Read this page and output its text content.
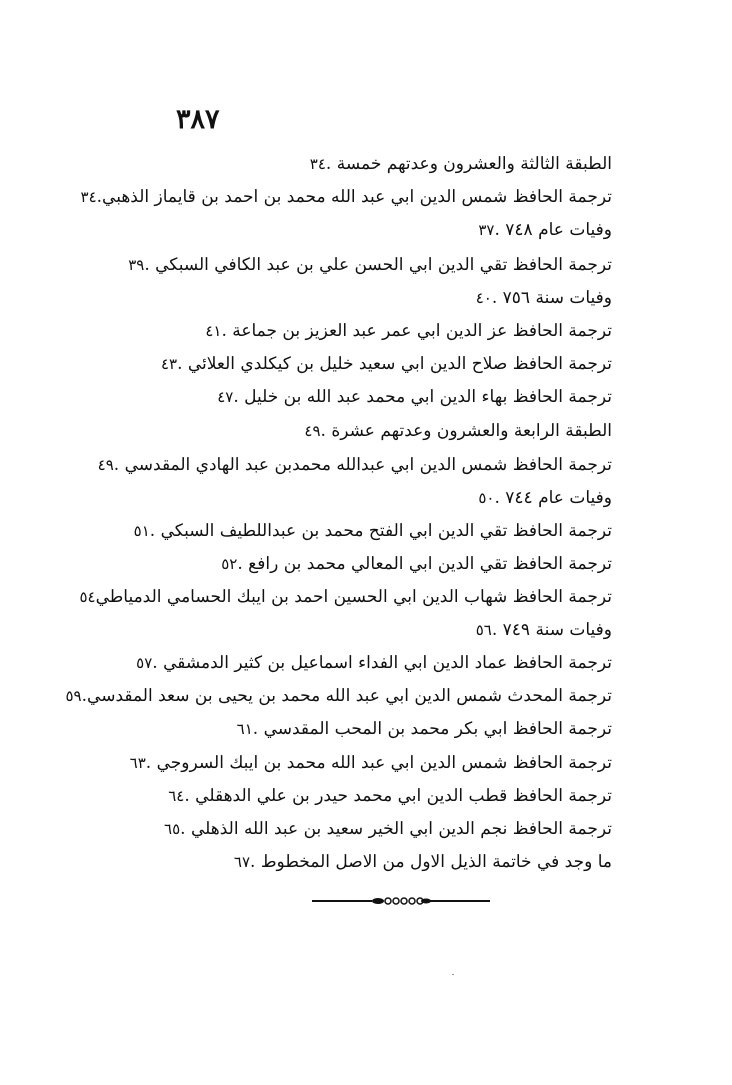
٣٨٧
٣٤ الطبقة الثالثة والعشرون وعدتهم خمسة .
٣٤ ترجمة الحافظ شمس الدين ابي عبد الله محمد بن احمد بن قايماز الذهبي.
٣٧ وفيات عام ٧٤٨ .
٣٩ ترجمة الحافظ تقي الدين ابي الحسن علي بن عبد الكافي السبكي .
٤٠ وفيات سنة ٧٥٦ .
٤١ ترجمة الحافظ عز الدين ابي عمر عبد العزيز بن جماعة .
٤٣ ترجمة الحافظ صلاح الدين ابي سعيد خليل بن كيكلدي العلائي .
٤٧ ترجمة الحافظ بهاء الدين ابي محمد عبد الله بن خليل .
٤٩ الطبقة الرابعة والعشرون وعدتهم عشرة .
٤٩ ترجمة الحافظ شمس الدين ابي عبدالله محمدبن عبد الهادي المقدسي .
٥٠ وفيات عام ٧٤٤ .
٥١ ترجمة الحافظ تقي الدين ابي الفتح محمد بن عبداللطيف السبكي .
٥٢ ترجمة الحافظ تقي الدين ابي المعالي محمد بن رافع .
٥٤ ترجمة الحافظ شهاب الدين ابي الحسين احمد بن ايبك الحسامي الدمياطي
٥٦ وفيات سنة ٧٤٩ .
٥٧ ترجمة الحافظ عماد الدين ابي الفداء اسماعيل بن كثير الدمشقي .
٥٩ ترجمة المحدث شمس الدين ابي عبد الله محمد بن يحيى بن سعد المقدسي.
٦١ ترجمة الحافظ ابي بكر محمد بن المحب المقدسي .
٦٣ ترجمة الحافظ شمس الدين ابي عبد الله محمد بن ايبك السروجي .
٦٤ ترجمة الحافظ قطب الدين ابي محمد حيدر بن علي الدهقلي .
٦٥ ترجمة الحافظ نجم الدين ابي الخير سعيد بن عبد الله الذهلي .
٦٧ ما وجد في خاتمة الذيل الاول من الاصل المخطوط .
